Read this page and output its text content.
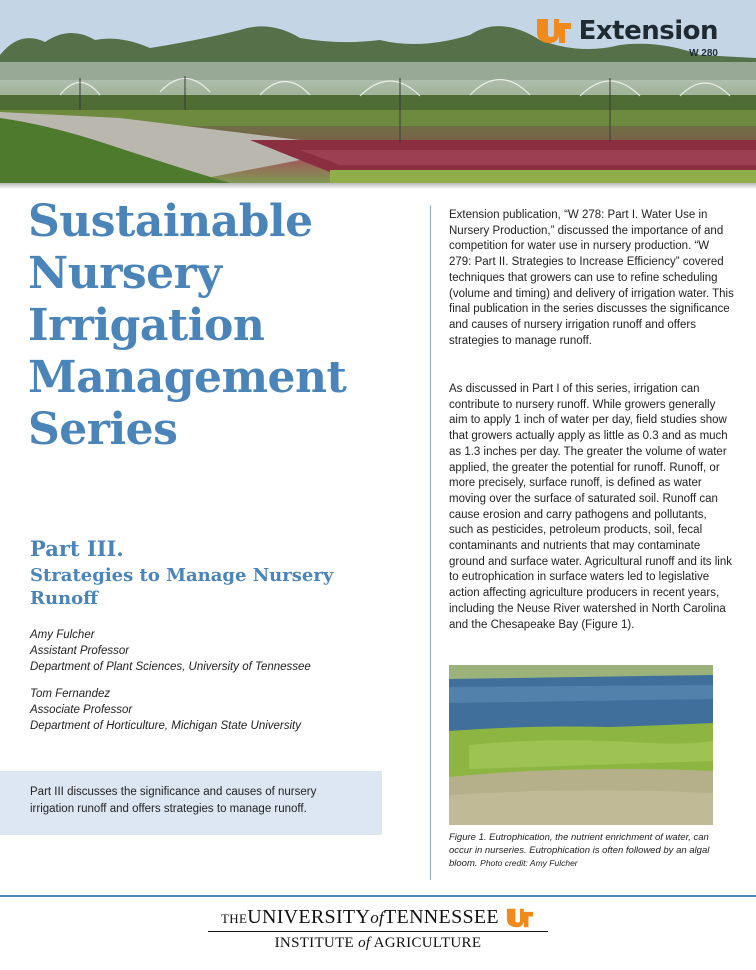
Extension
W 280
Sustainable
Nursery
Irrigation
Management
Series
Part III.
Strategies to Manage Nursery Runoff
Amy Fulcher
Assistant Professor
Department of Plant Sciences, University of Tennessee
Tom Fernandez
Associate Professor
Department of Horticulture, Michigan State University

Part III discusses the significance and causes of nursery irrigation runoff and offers strategies to manage runoff.

Extension publication, “W 278: Part I. Water Use in Nursery Production,” discussed the importance of and competition for water use in nursery production. “W 279: Part II. Strategies to Increase Efficiency” covered techniques that growers can use to refine scheduling (volume and timing) and delivery of irrigation water. This final publication in the series discusses the significance and causes of nursery irrigation runoff and offers strategies to manage runoff.

As discussed in Part I of this series, irrigation can contribute to nursery runoff. While growers generally aim to apply 1 inch of water per day, field studies show that growers actually apply as little as 0.3 and as much as 1.3 inches per day. The greater the volume of water applied, the greater the potential for runoff. Runoff, or more precisely, surface runoff, is defined as water moving over the surface of saturated soil. Runoff can cause erosion and carry pathogens and pollutants, such as pesticides, petroleum products, soil, fecal contaminants and nutrients that may contaminate ground and surface water. Agricultural runoff and its link to eutrophication in surface waters led to legislative action affecting agriculture producers in recent years, including the Neuse River watershed in North Carolina and the Chesapeake Bay (Figure 1).

Figure 1. Eutrophication, the nutrient enrichment of water, can occur in nurseries. Eutrophication is often followed by an algal bloom. Photo credit: Amy Fulcher

THEUNIVERSITYofTENNESSEE
INSTITUTE of AGRICULTURE
